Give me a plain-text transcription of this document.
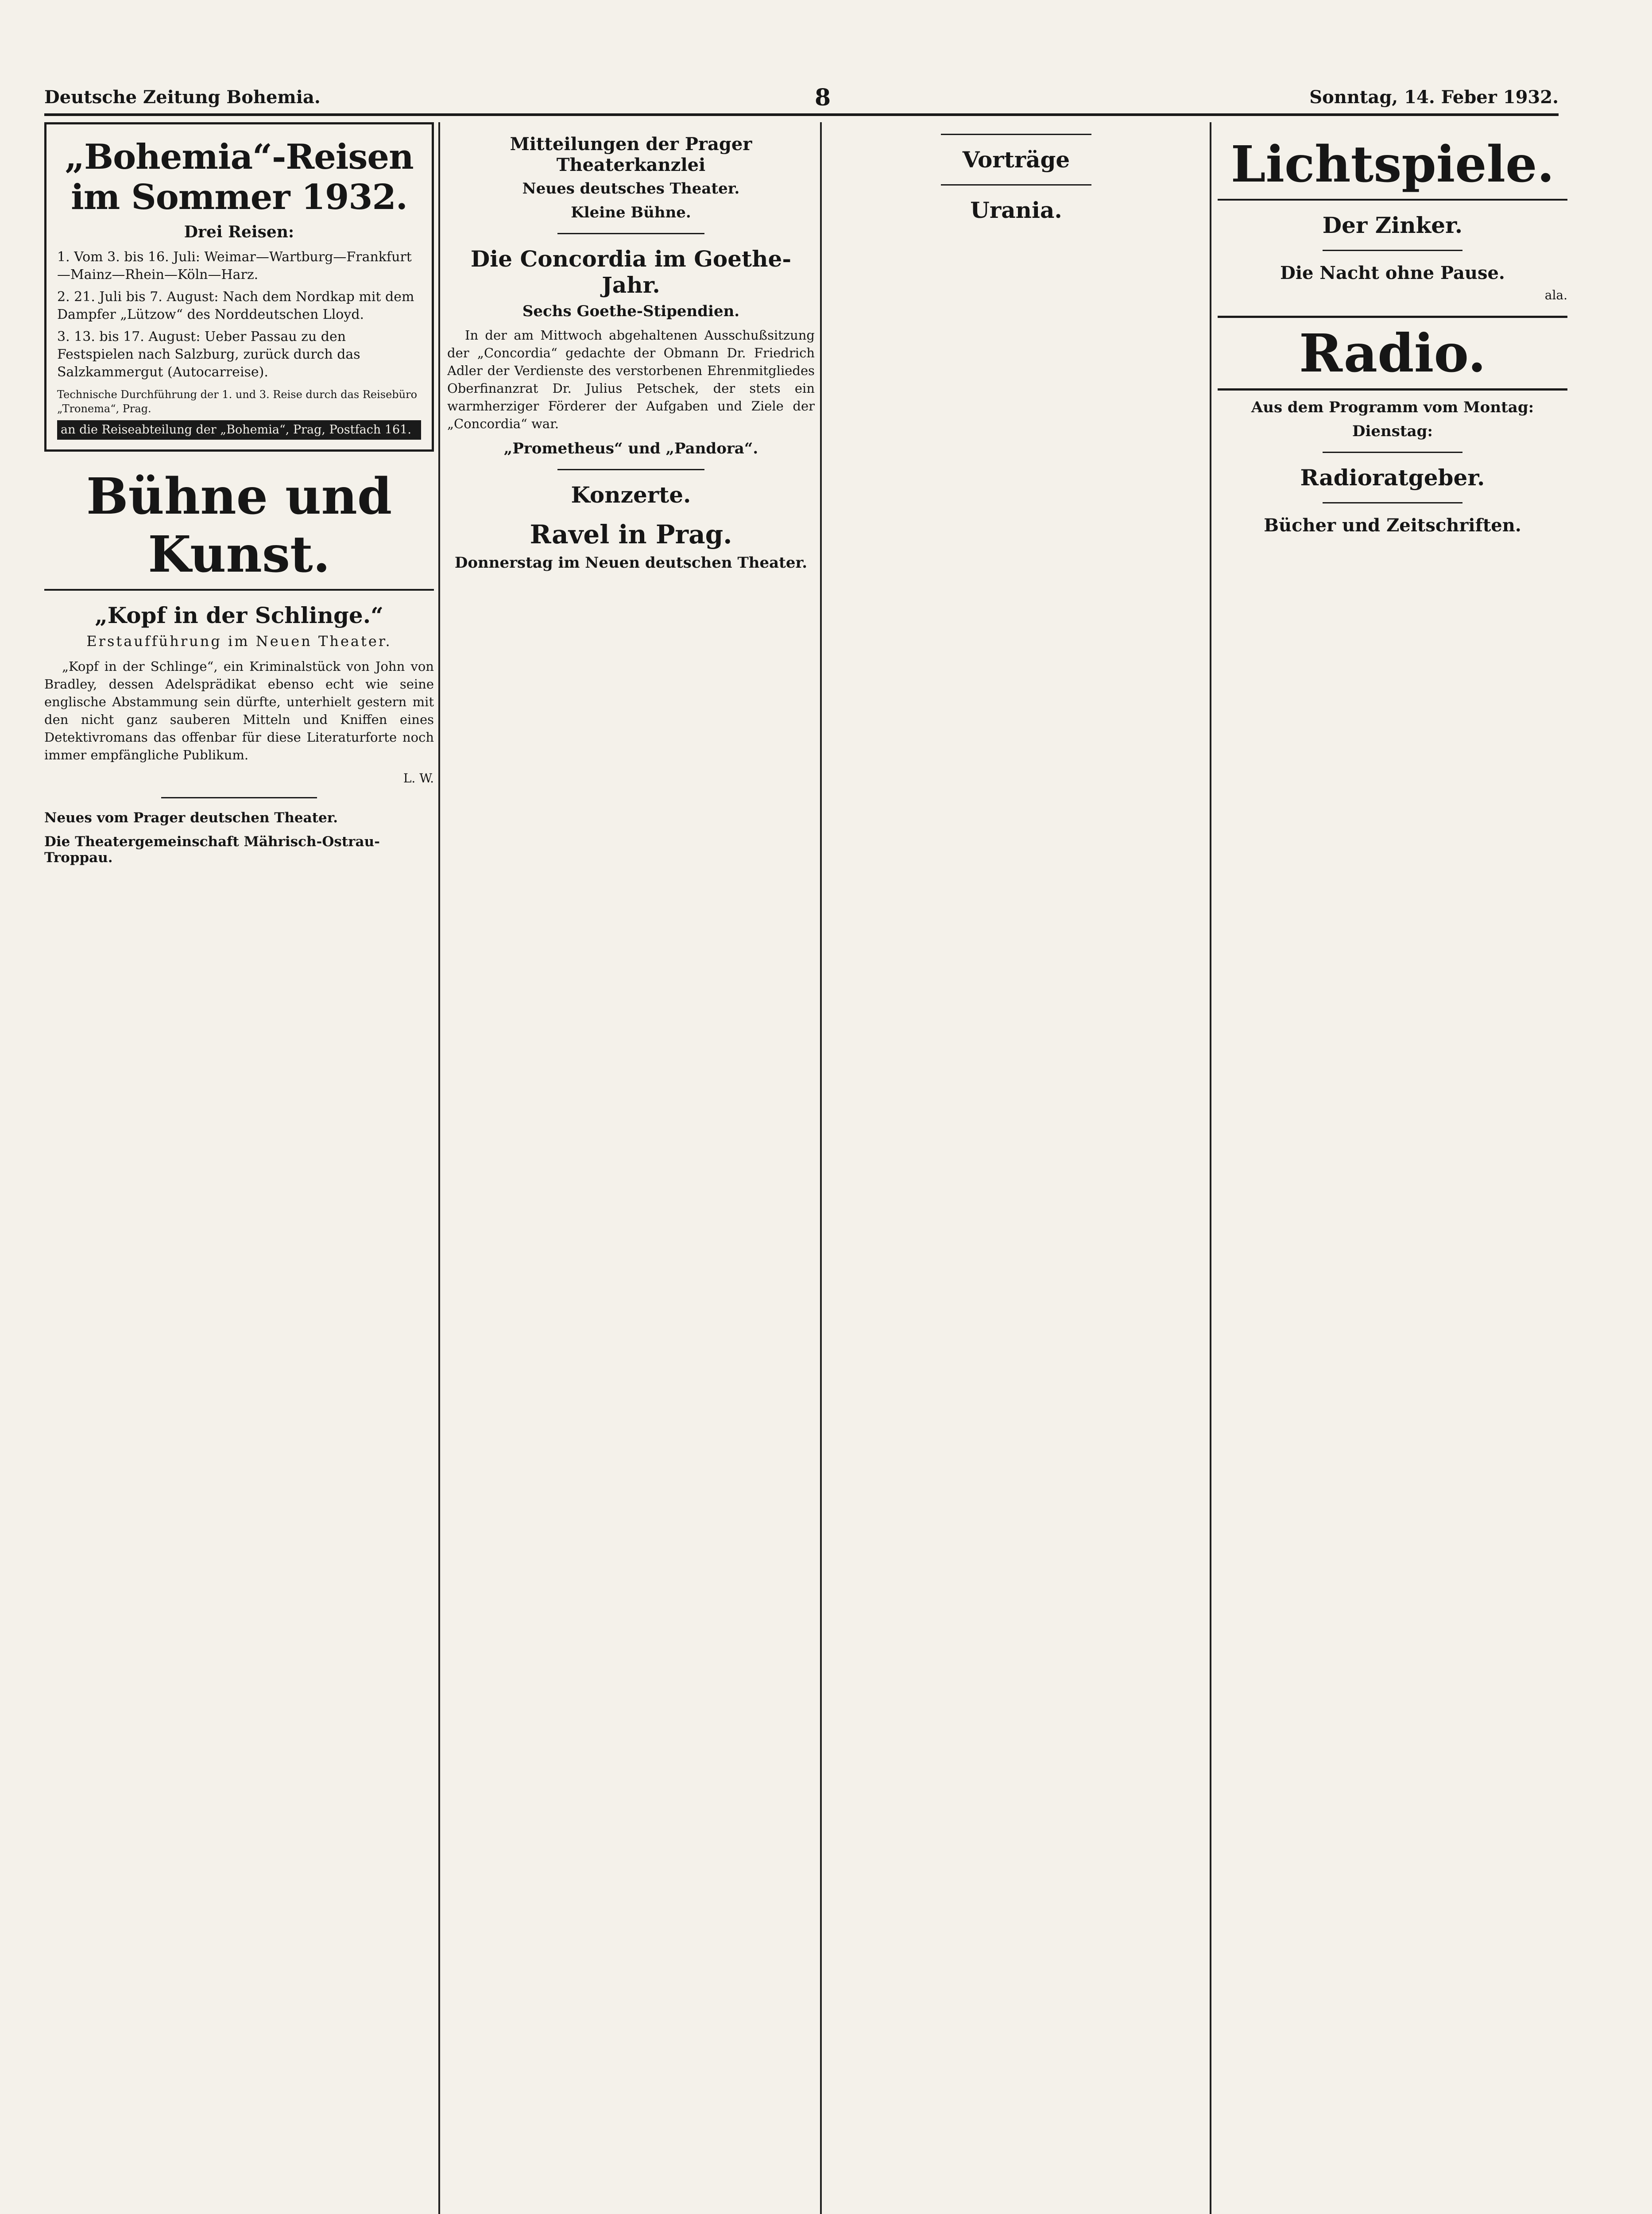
Deutsche Zeitung Bohemia.	8	Sonntag, 14. Feber 1932.
„Bohemia“-Reisen im Sommer 1932.
Drei Reisen:

1. Vom 3. bis 16. Juli: Weimar—Wartburg—Frankfurt—Mainz—Rhein—Köln—Harz.

2. 21. Juli bis 7. August: Nach dem Nordkap mit dem Dampfer „Lützow“ des Norddeutschen Lloyd.

3. 13. bis 17. August: Ueber Passau zu den Festspielen nach Salzburg, zurück durch das Salzkammergut (Autocarreise).

Technische Durchführung der 1. und 3. Reise durch das Reisebüro „Tronema“, Prag.
an die Reiseabteilung der „Bohemia“, Prag, Postfach 161.
Bühne und Kunst.
„Kopf in der Schlinge.“
Erstaufführung im Neuen Theater.

„Kopf in der Schlinge“, ein Kriminalstück von John von Bradley, dessen Adelsprädikat ebenso echt wie seine englische Abstammung sein dürfte, unterhielt gestern mit den nicht ganz sauberen Mitteln und Kniffen eines Detektivromans das offenbar für diese Literaturforte noch immer empfängliche Publikum.

L. W.

Neues vom Prager deutschen Theater.

Die Theatergemeinschaft Mährisch-Ostrau-Troppau.

Mitteilungen der Prager Theaterkanzlei
Neues deutsches Theater.
Kleine Bühne.
Die Concordia im Goethe-Jahr.
Sechs Goethe-Stipendien.

In der am Mittwoch abgehaltenen Ausschußsitzung der „Concordia“ gedachte der Obmann Dr. Friedrich Adler der Verdienste des verstorbenen Ehrenmitgliedes Oberfinanzrat Dr. Julius Petschek, der stets ein warmherziger Förderer der Aufgaben und Ziele der „Concordia“ war.

„Prometheus“ und „Pandora“.
Konzerte.
Ravel in Prag.
Donnerstag im Neuen deutschen Theater.
Vorträge
Urania.
Lichtspiele.
Der Zinker.
Die Nacht ohne Pause.
ala.
Radio.
Aus dem Programm vom Montag:
Dienstag:
Radioratgeber.
Bücher und Zeitschriften.
